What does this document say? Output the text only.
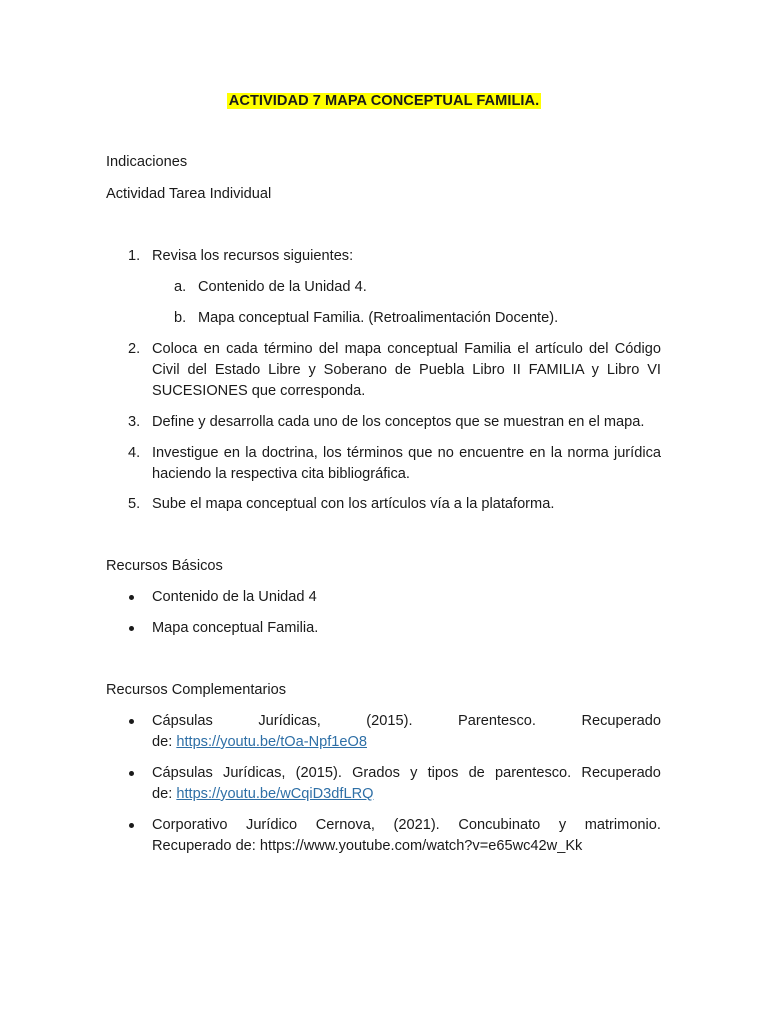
ACTIVIDAD 7 MAPA CONCEPTUAL FAMILIA.
Indicaciones
Actividad Tarea Individual
1. Revisa los recursos siguientes:
a. Contenido de la Unidad 4.
b. Mapa conceptual Familia. (Retroalimentación Docente).
2. Coloca en cada término del mapa conceptual Familia el artículo del Código Civil del Estado Libre y Soberano de Puebla Libro II FAMILIA y Libro VI SUCESIONES que corresponda.
3. Define y desarrolla cada uno de los conceptos que se muestran en el mapa.
4. Investigue en la doctrina, los términos que no encuentre en la norma jurídica haciendo la respectiva cita bibliográfica.
5. Sube el mapa conceptual con los artículos vía a la plataforma.
Recursos Básicos
Contenido de la Unidad 4
Mapa conceptual Familia.
Recursos Complementarios
Cápsulas	Jurídicas,	(2015).	Parentesco.	Recuperado
de: https://youtu.be/tOa-Npf1eO8
Cápsulas Jurídicas, (2015). Grados y tipos de parentesco. Recuperado
de: https://youtu.be/wCqiD3dfLRQ
Corporativo Jurídico Cernova, (2021). Concubinato y matrimonio.
Recuperado de: https://www.youtube.com/watch?v=e65wc42w_Kk
